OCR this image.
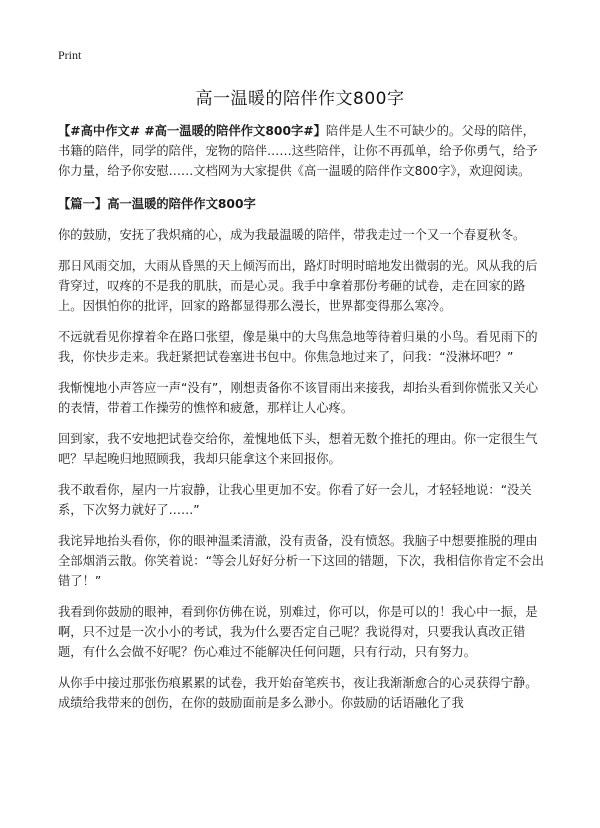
Print
高一温暖的陪伴作文800字

【#高中作文# #高一温暖的陪伴作文800字#】陪伴是人生不可缺少的。父母的陪伴，书籍的陪伴，同学的陪伴，宠物的陪伴……这些陪伴，让你不再孤单，给予你勇气，给予你力量，给予你安慰……文档网为大家提供《高一温暖的陪伴作文800字》，欢迎阅读。

【篇一】高一温暖的陪伴作文800字

你的鼓励，安抚了我炽痛的心，成为我最温暖的陪伴，带我走过一个又一个春夏秋冬。

那日风雨交加，大雨从昏黑的天上倾泻而出，路灯时明时暗地发出微弱的光。风从我的后背穿过，叹疼的不是我的肌肤，而是心灵。我手中拿着那份考砸的试卷，走在回家的路上。因惧怕你的批评，回家的路都显得那么漫长，世界都变得那么寒冷。

不远就看见你撑着伞在路口张望，像是巢中的大鸟焦急地等待着归巢的小鸟。看见雨下的我，你快步走来。我赶紧把试卷塞进书包中。你焦急地过来了，问我：“没淋坏吧？”

我惭愧地小声答应一声“没有”，刚想责备你不该冒雨出来接我，却抬头看到你慌张又关心的表情，带着工作操劳的憔悴和疲惫，那样让人心疼。

回到家，我不安地把试卷交给你，羞愧地低下头，想着无数个推托的理由。你一定很生气吧？早起晚归地照顾我，我却只能拿这个来回报你。

我不敢看你，屋内一片寂静，让我心里更加不安。你看了好一会儿，才轻轻地说：“没关系，下次努力就好了……”

我诧异地抬头看你，你的眼神温柔清澈，没有责备，没有愤怒。我脑子中想要推脱的理由全部烟消云散。你笑着说：“等会儿好好分析一下这回的错题，下次，我相信你肯定不会出错了！”

我看到你鼓励的眼神，看到你仿佛在说，别难过，你可以，你是可以的！我心中一振，是啊，只不过是一次小小的考试，我为什么要否定自己呢？我说得对，只要我认真改正错题，有什么会做不好呢？伤心难过不能解决任何问题，只有行动，只有努力。

从你手中接过那张伤痕累累的试卷，我开始奋笔疾书，夜让我渐渐愈合的心灵获得宁静。成绩给我带来的创伤，在你的鼓励面前是多么渺小。你鼓励的话语融化了我
